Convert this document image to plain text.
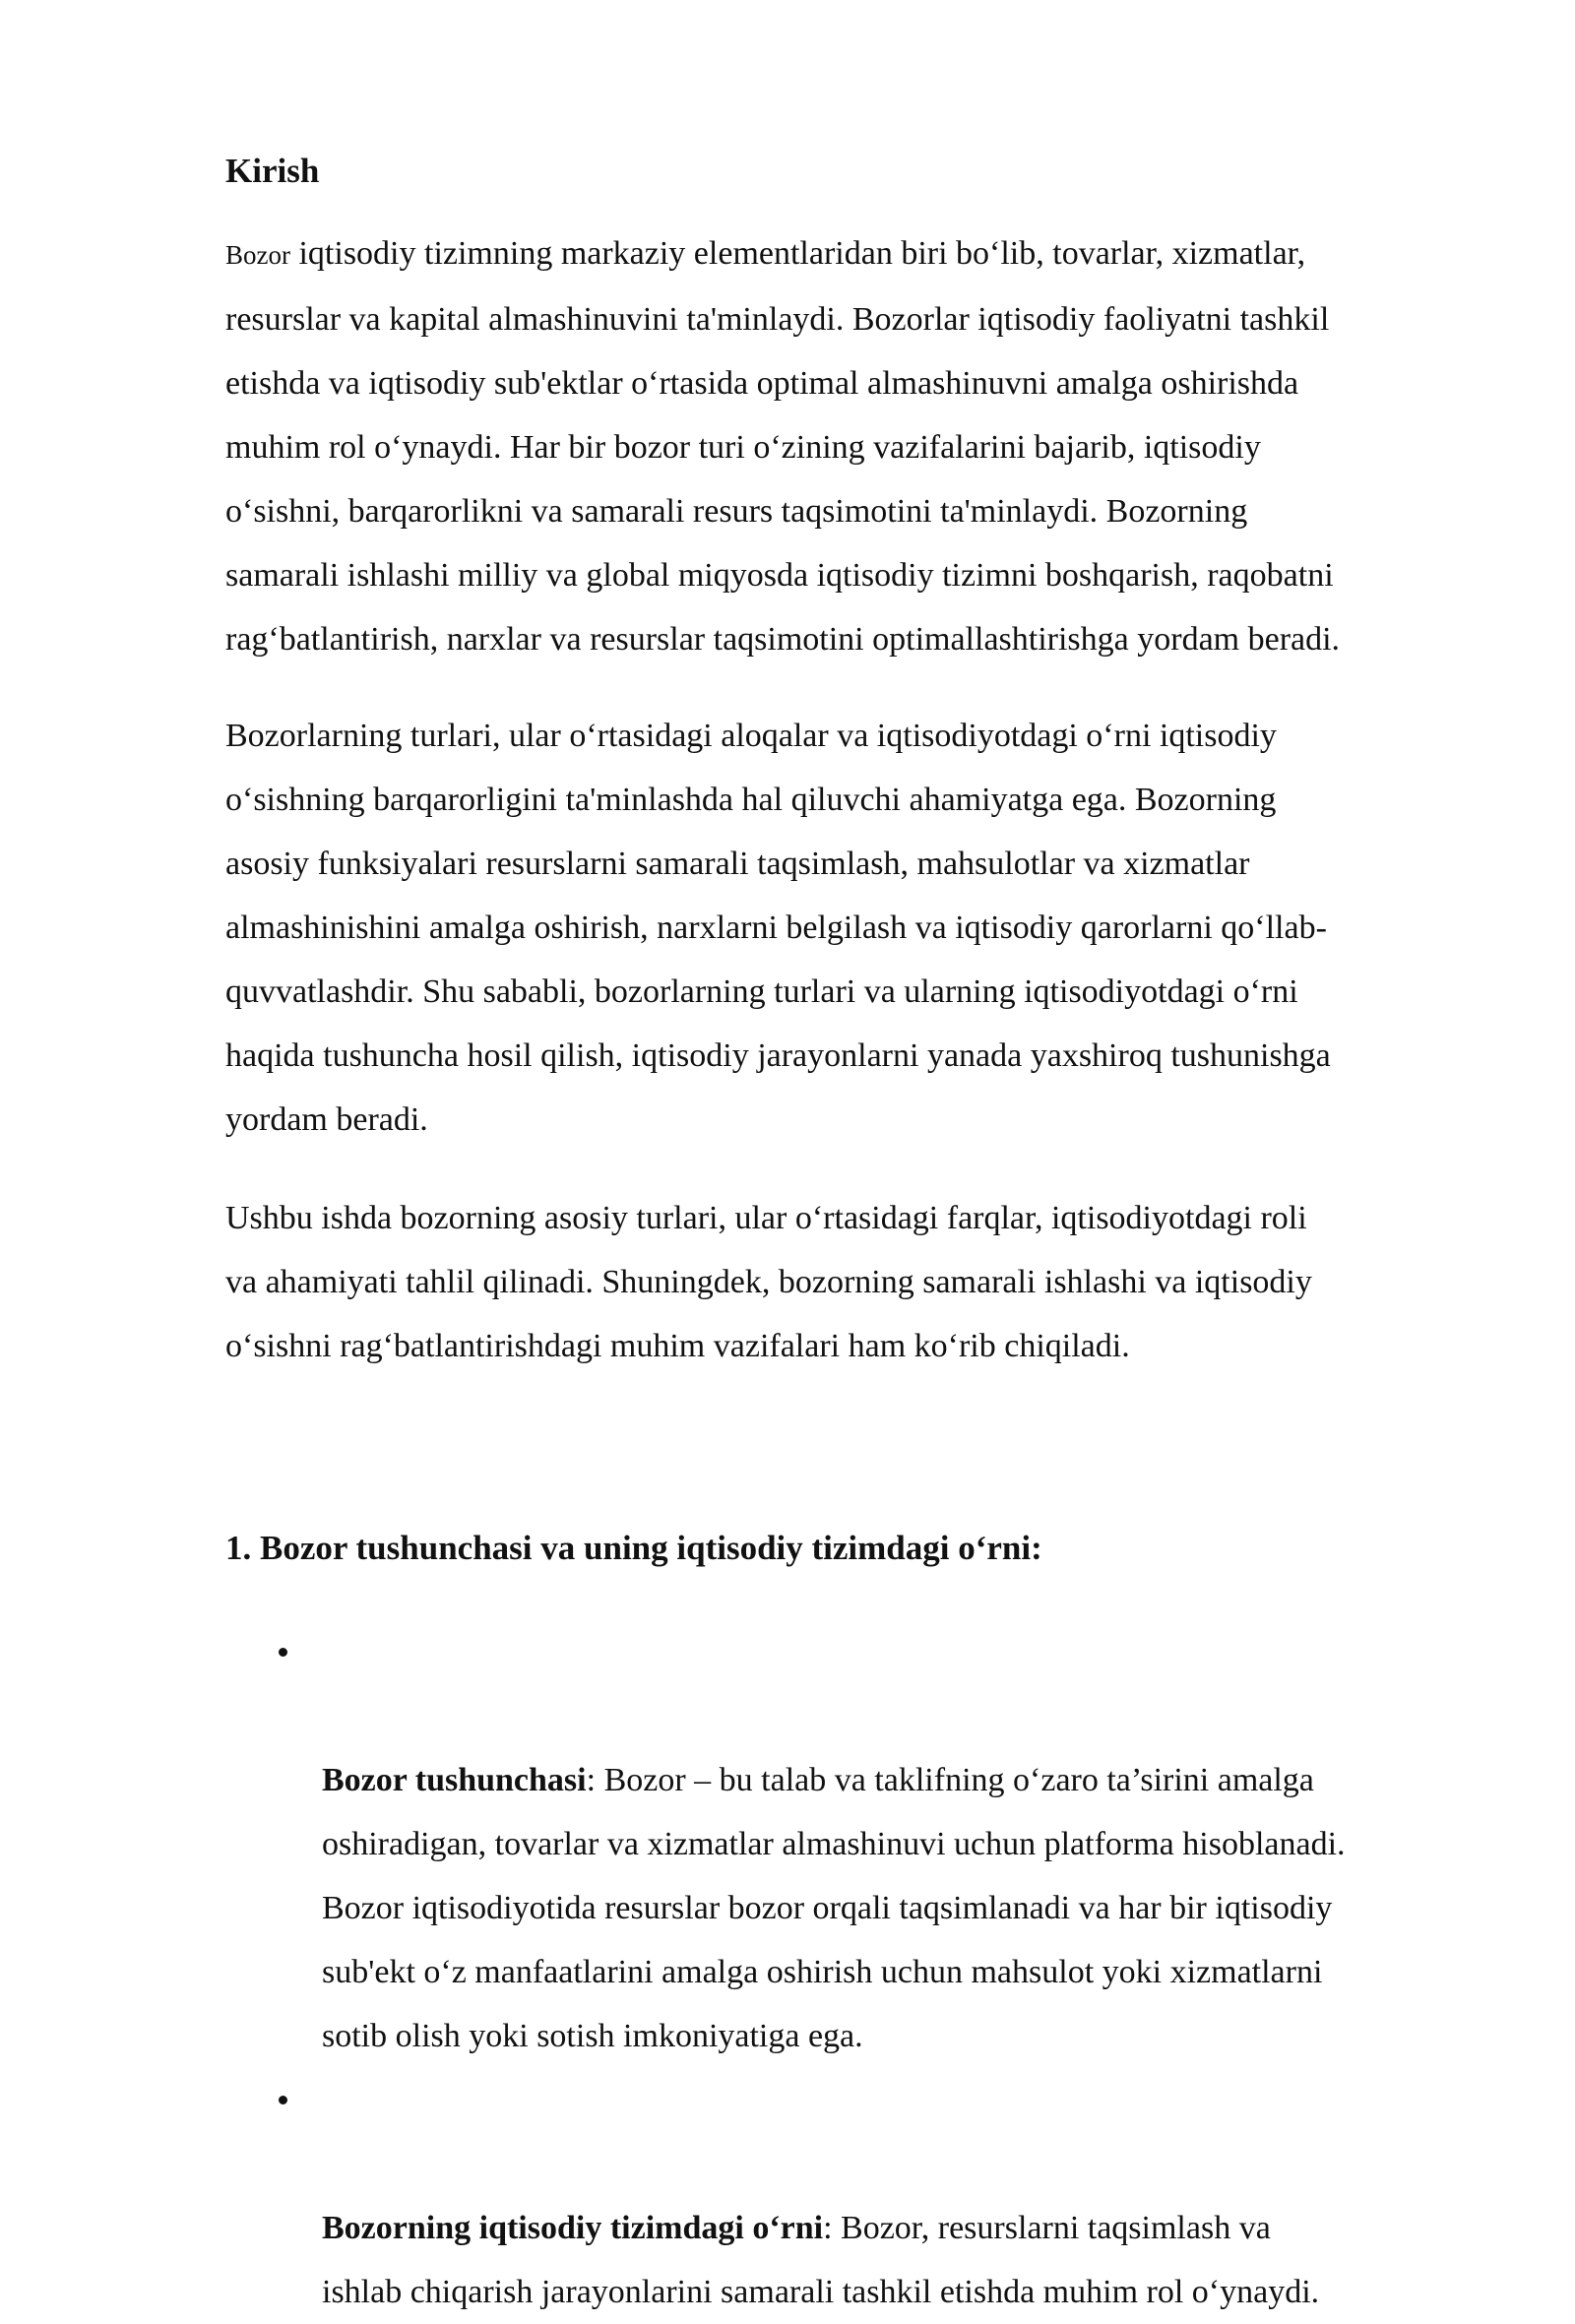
Kirish

Bozor iqtisodiy tizimning markaziy elementlaridan biri bo‘lib, tovarlar, xizmatlar,
resurslar va kapital almashinuvini ta'minlaydi. Bozorlar iqtisodiy faoliyatni tashkil
etishda va iqtisodiy sub'ektlar o‘rtasida optimal almashinuvni amalga oshirishda
muhim rol o‘ynaydi. Har bir bozor turi o‘zining vazifalarini bajarib, iqtisodiy
o‘sishni, barqarorlikni va samarali resurs taqsimotini ta'minlaydi. Bozorning
samarali ishlashi milliy va global miqyosda iqtisodiy tizimni boshqarish, raqobatni
rag‘batlantirish, narxlar va resurslar taqsimotini optimallashtirishga yordam beradi.

Bozorlarning turlari, ular o‘rtasidagi aloqalar va iqtisodiyotdagi o‘rni iqtisodiy
o‘sishning barqarorligini ta'minlashda hal qiluvchi ahamiyatga ega. Bozorning
asosiy funksiyalari resurslarni samarali taqsimlash, mahsulotlar va xizmatlar
almashinishini amalga oshirish, narxlarni belgilash va iqtisodiy qarorlarni qo‘llab-
quvvatlashdir. Shu sababli, bozorlarning turlari va ularning iqtisodiyotdagi o‘rni
haqida tushuncha hosil qilish, iqtisodiy jarayonlarni yanada yaxshiroq tushunishga
yordam beradi.

Ushbu ishda bozorning asosiy turlari, ular o‘rtasidagi farqlar, iqtisodiyotdagi roli
va ahamiyati tahlil qilinadi. Shuningdek, bozorning samarali ishlashi va iqtisodiy
o‘sishni rag‘batlantirishdagi muhim vazifalari ham ko‘rib chiqiladi.

1. Bozor tushunchasi va uning iqtisodiy tizimdagi o‘rni:

Bozor tushunchasi: Bozor – bu talab va taklifning o‘zaro ta’sirini amalga
oshiradigan, tovarlar va xizmatlar almashinuvi uchun platforma hisoblanadi.
Bozor iqtisodiyotida resurslar bozor orqali taqsimlanadi va har bir iqtisodiy
sub'ekt o‘z manfaatlarini amalga oshirish uchun mahsulot yoki xizmatlarni
sotib olish yoki sotish imkoniyatiga ega.

Bozorning iqtisodiy tizimdagi o‘rni: Bozor, resurslarni taqsimlash va
ishlab chiqarish jarayonlarini samarali tashkil etishda muhim rol o‘ynaydi.
